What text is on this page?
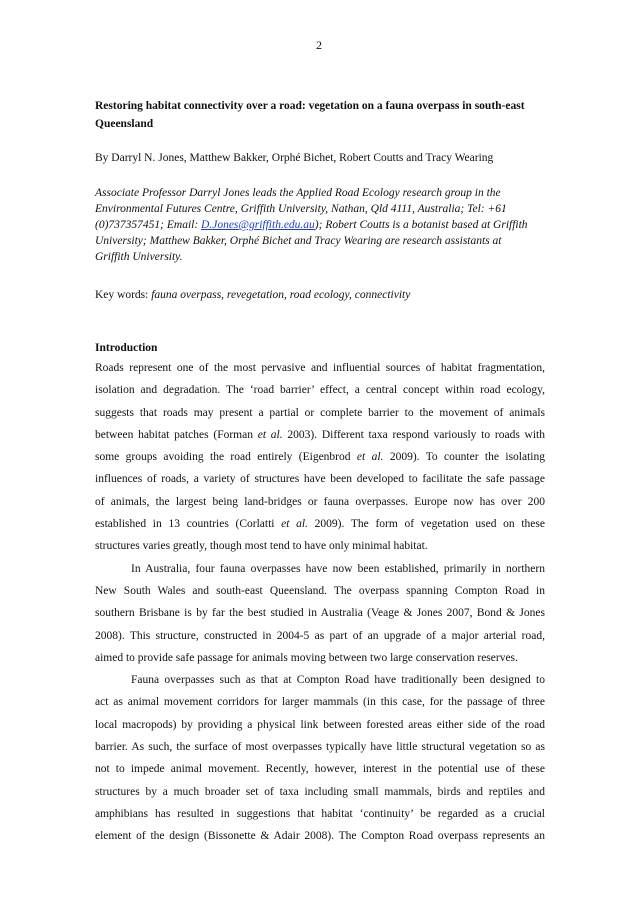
2
Restoring habitat connectivity over a road: vegetation on a fauna overpass in south-east
Queensland
By Darryl N. Jones, Matthew Bakker, Orphé Bichet, Robert Coutts and Tracy Wearing
Associate Professor Darryl Jones leads the Applied Road Ecology research group in the
Environmental Futures Centre, Griffith University, Nathan, Qld 4111, Australia; Tel: +61
(0)737357451; Email: D.Jones@griffith.edu.au); Robert Coutts is a botanist based at Griffith
University; Matthew Bakker, Orphé Bichet and Tracy Wearing are research assistants at
Griffith University.
Key words: fauna overpass, revegetation, road ecology, connectivity
Introduction
Roads represent one of the most pervasive and influential sources of habitat fragmentation,
isolation and degradation. The ‘road barrier’ effect, a central concept within road ecology,
suggests that roads may present a partial or complete barrier to the movement of animals
between habitat patches (Forman et al. 2003). Different taxa respond variously to roads with
some groups avoiding the road entirely (Eigenbrod et al. 2009). To counter the isolating
influences of roads, a variety of structures have been developed to facilitate the safe passage
of animals, the largest being land-bridges or fauna overpasses. Europe now has over 200
established in 13 countries (Corlatti et al. 2009). The form of vegetation used on these
structures varies greatly, though most tend to have only minimal habitat.
In Australia, four fauna overpasses have now been established, primarily in northern
New South Wales and south-east Queensland. The overpass spanning Compton Road in
southern Brisbane is by far the best studied in Australia (Veage & Jones 2007, Bond & Jones
2008). This structure, constructed in 2004-5 as part of an upgrade of a major arterial road,
aimed to provide safe passage for animals moving between two large conservation reserves.
Fauna overpasses such as that at Compton Road have traditionally been designed to
act as animal movement corridors for larger mammals (in this case, for the passage of three
local macropods) by providing a physical link between forested areas either side of the road
barrier. As such, the surface of most overpasses typically have little structural vegetation so as
not to impede animal movement. Recently, however, interest in the potential use of these
structures by a much broader set of taxa including small mammals, birds and reptiles and
amphibians has resulted in suggestions that habitat ‘continuity’ be regarded as a crucial
element of the design (Bissonette & Adair 2008). The Compton Road overpass represents an
